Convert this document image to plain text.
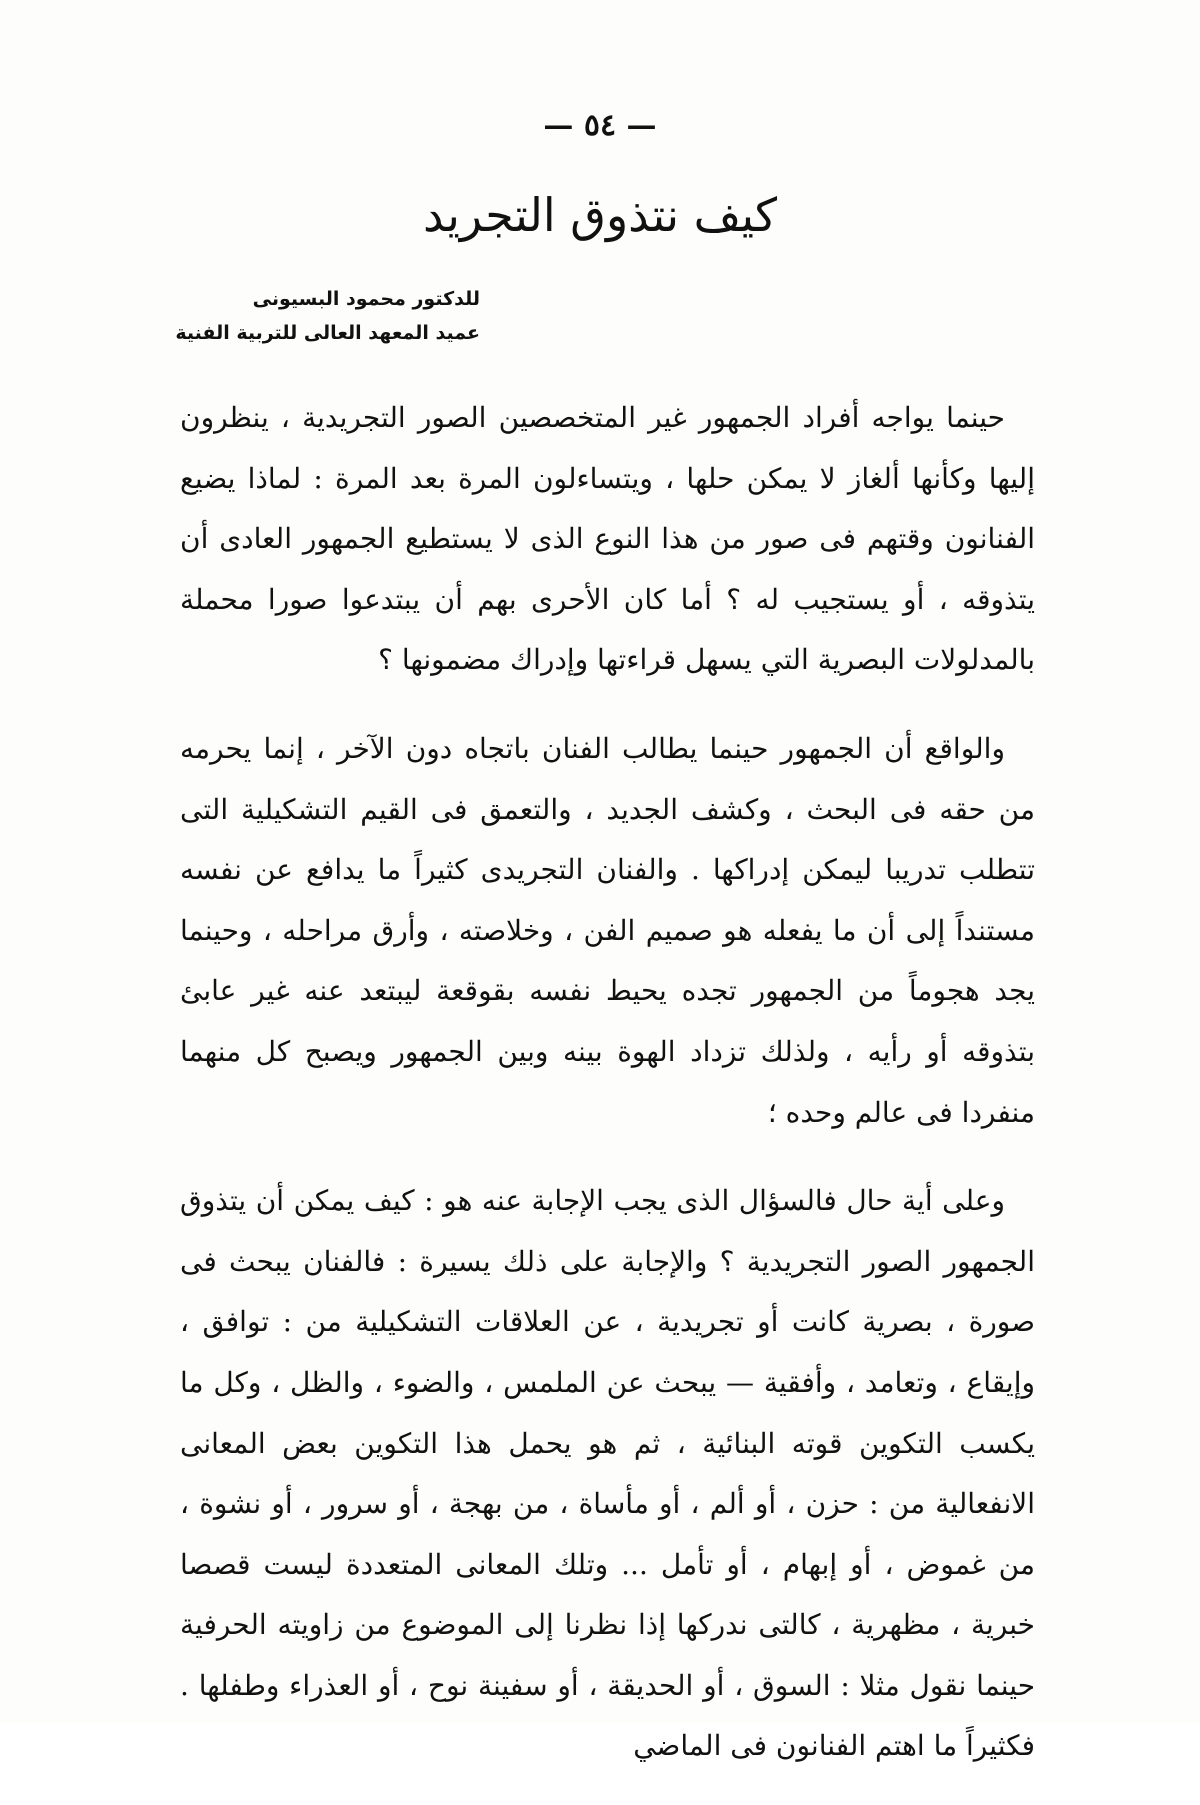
— ٥٤ —
كيف نتذوق التجريد
للدكتور محمود البسيونى
عميد المعهد العالى للتربية الفنية

حينما يواجه أفراد الجمهور غير المتخصصين الصور التجريدية ، ينظرون إليها وكأنها ألغاز لا يمكن حلها ، ويتساءلون المرة بعد المرة : لماذا يضيع الفنانون وقتهم فى صور من هذا النوع الذى لا يستطيع الجمهور العادى أن يتذوقه ، أو يستجيب له ؟ أما كان الأحرى بهم أن يبتدعوا صورا محملة بالمدلولات البصرية التي يسهل قراءتها وإدراك مضمونها ؟

والواقع أن الجمهور حينما يطالب الفنان باتجاه دون الآخر ، إنما يحرمه من حقه فى البحث ، وكشف الجديد ، والتعمق فى القيم التشكيلية التى تتطلب تدريبا ليمكن إدراكها . والفنان التجريدى كثيراً ما يدافع عن نفسه مستنداً إلى أن ما يفعله هو صميم الفن ، وخلاصته ، وأرق مراحله ، وحينما يجد هجوماً من الجمهور تجده يحيط نفسه بقوقعة ليبتعد عنه غير عابئ بتذوقه أو رأيه ، ولذلك تزداد الهوة بينه وبين الجمهور ويصبح كل منهما منفردا فى عالم وحده ؛

وعلى أية حال فالسؤال الذى يجب الإجابة عنه هو : كيف يمكن أن يتذوق الجمهور الصور التجريدية ؟ والإجابة على ذلك يسيرة : فالفنان يبحث فى صورة ، بصرية كانت أو تجريدية ، عن العلاقات التشكيلية من : توافق ، وإيقاع ، وتعامد ، وأفقية — يبحث عن الملمس ، والضوء ، والظل ، وكل ما يكسب التكوين قوته البنائية ، ثم هو يحمل هذا التكوين بعض المعانى الانفعالية من : حزن ، أو ألم ، أو مأساة ، من بهجة ، أو سرور ، أو نشوة ، من غموض ، أو إبهام ، أو تأمل ... وتلك المعانى المتعددة ليست قصصا خبرية ، مظهرية ، كالتى ندركها إذا نظرنا إلى الموضوع من زاويته الحرفية حينما نقول مثلا : السوق ، أو الحديقة ، أو سفينة نوح ، أو العذراء وطفلها . فكثيراً ما اهتم الفنانون فى الماضي
